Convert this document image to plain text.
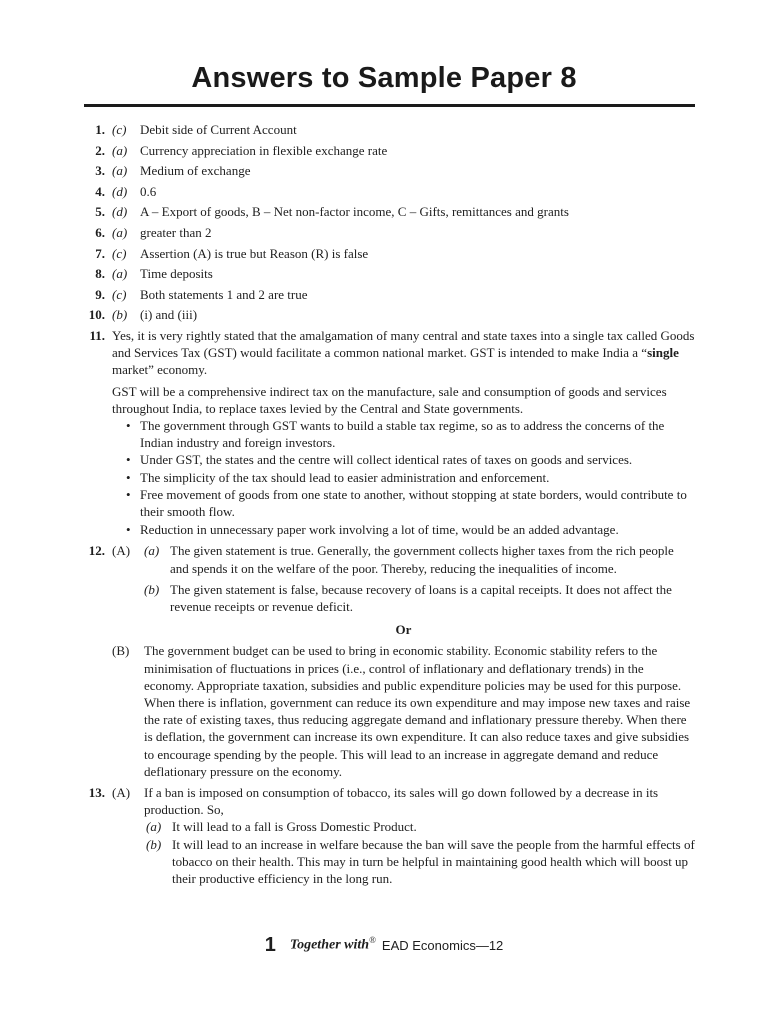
Answers to Sample Paper 8
1. (c) Debit side of Current Account
2. (a) Currency appreciation in flexible exchange rate
3. (a) Medium of exchange
4. (d) 0.6
5. (d) A – Export of goods, B – Net non-factor income, C – Gifts, remittances and grants
6. (a) greater than 2
7. (c) Assertion (A) is true but Reason (R) is false
8. (a) Time deposits
9. (c) Both statements 1 and 2 are true
10. (b) (i) and (iii)
11. Yes, it is very rightly stated that the amalgamation of many central and state taxes into a single tax called Goods and Services Tax (GST) would facilitate a common national market. GST is intended to make India a “single market” economy.
GST will be a comprehensive indirect tax on the manufacture, sale and consumption of goods and services throughout India, to replace taxes levied by the Central and State governments.
• The government through GST wants to build a stable tax regime, so as to address the concerns of the Indian industry and foreign investors.
• Under GST, the states and the centre will collect identical rates of taxes on goods and services.
• The simplicity of the tax should lead to easier administration and enforcement.
• Free movement of goods from one state to another, without stopping at state borders, would contribute to their smooth flow.
• Reduction in unnecessary paper work involving a lot of time, would be an added advantage.
12. (A) (a) The given statement is true. Generally, the government collects higher taxes from the rich people and spends it on the welfare of the poor. Thereby, reducing the inequalities of income.
(b) The given statement is false, because recovery of loans is a capital receipts. It does not affect the revenue receipts or revenue deficit.
Or
(B) The government budget can be used to bring in economic stability. Economic stability refers to the minimisation of fluctuations in prices (i.e., control of inflationary and deflationary trends) in the economy. Appropriate taxation, subsidies and public expenditure policies may be used for this purpose. When there is inflation, government can reduce its own expenditure and may impose new taxes and raise the rate of existing taxes, thus reducing aggregate demand and inflationary pressure thereby. When there is deflation, the government can increase its own expenditure. It can also reduce taxes and give subsidies to encourage spending by the people. This will lead to an increase in aggregate demand and reduce deflationary pressure on the economy.
13. (A) If a ban is imposed on consumption of tobacco, its sales will go down followed by a decrease in its production. So,
(a) It will lead to a fall is Gross Domestic Product.
(b) It will lead to an increase in welfare because the ban will save the people from the harmful effects of tobacco on their health. This may in turn be helpful in maintaining good health which will boost up their productive efficiency in the long run.
1 Together with® EAD Economics—12
